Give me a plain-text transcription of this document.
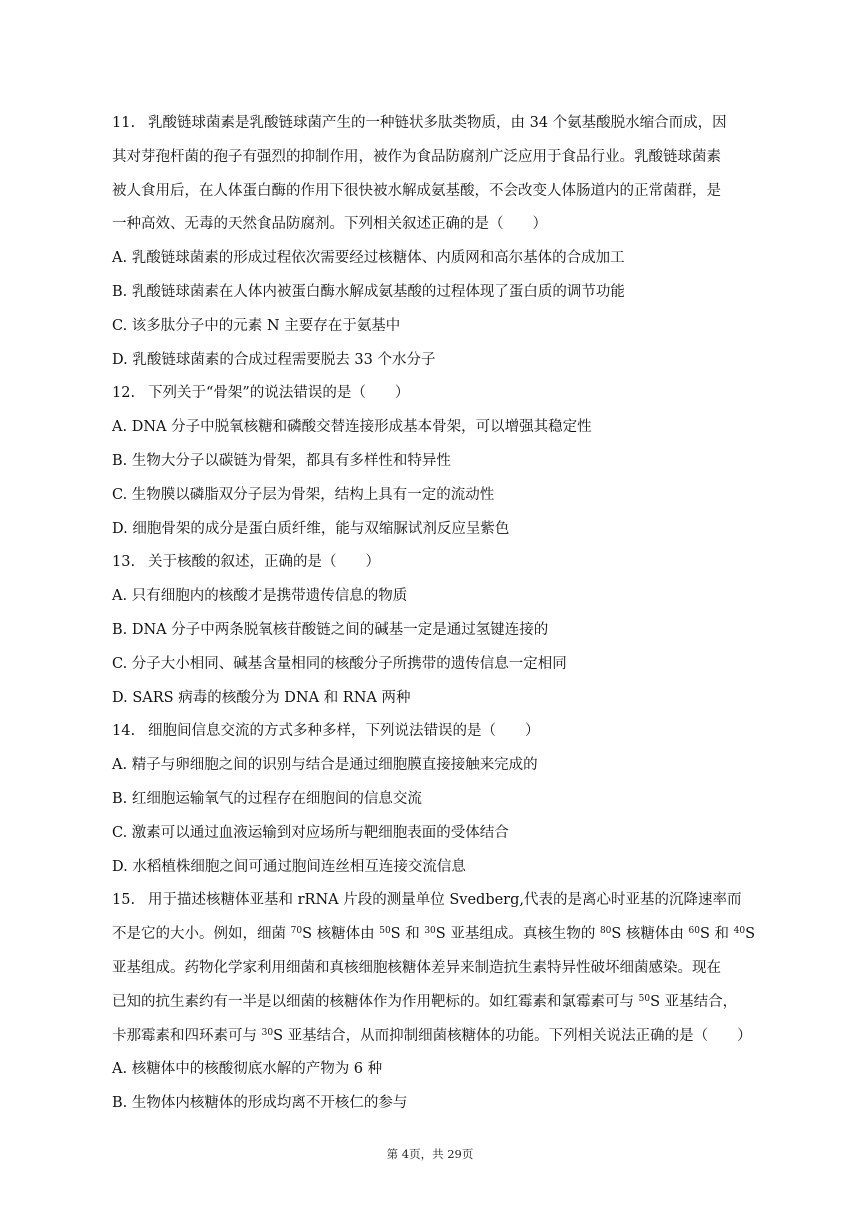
11. 乳酸链球菌素是乳酸链球菌产生的一种链状多肽类物质，由 34 个氨基酸脱水缩合而成，因

其对芽孢杆菌的孢子有强烈的抑制作用，被作为食品防腐剂广泛应用于食品行业。乳酸链球菌素

被人食用后，在人体蛋白酶的作用下很快被水解成氨基酸，不会改变人体肠道内的正常菌群，是

一种高效、无毒的天然食品防腐剂。下列相关叙述正确的是（　　）

A. 乳酸链球菌素的形成过程依次需要经过核糖体、内质网和高尔基体的合成加工

B. 乳酸链球菌素在人体内被蛋白酶水解成氨基酸的过程体现了蛋白质的调节功能

C. 该多肽分子中的元素 N 主要存在于氨基中

D. 乳酸链球菌素的合成过程需要脱去 33 个水分子

12. 下列关于“骨架”的说法错误的是（　　）

A. DNA 分子中脱氧核糖和磷酸交替连接形成基本骨架，可以增强其稳定性

B. 生物大分子以碳链为骨架，都具有多样性和特异性

C. 生物膜以磷脂双分子层为骨架，结构上具有一定的流动性

D. 细胞骨架的成分是蛋白质纤维，能与双缩脲试剂反应呈紫色

13. 关于核酸的叙述，正确的是（　　）

A. 只有细胞内的核酸才是携带遗传信息的物质

B. DNA 分子中两条脱氧核苷酸链之间的碱基一定是通过氢键连接的

C. 分子大小相同、碱基含量相同的核酸分子所携带的遗传信息一定相同

D. SARS 病毒的核酸分为 DNA 和 RNA 两种

14. 细胞间信息交流的方式多种多样，下列说法错误的是（　　）

A. 精子与卵细胞之间的识别与结合是通过细胞膜直接接触来完成的

B. 红细胞运输氧气的过程存在细胞间的信息交流

C. 激素可以通过血液运输到对应场所与靶细胞表面的受体结合

D. 水稻植株细胞之间可通过胞间连丝相互连接交流信息

15. 用于描述核糖体亚基和 rRNA 片段的测量单位 Svedberg,代表的是离心时亚基的沉降速率而

不是它的大小。例如，细菌 $^{70}$S 核糖体由 $^{50}$S 和 $^{30}$S 亚基组成。真核生物的 $^{80}$S 核糖体由 $^{60}$S 和 $^{40}$S

亚基组成。药物化学家利用细菌和真核细胞核糖体差异来制造抗生素特异性破坏细菌感染。现在

已知的抗生素约有一半是以细菌的核糖体作为作用靶标的。如红霉素和氯霉素可与 $^{50}$S 亚基结合，

卡那霉素和四环素可与 $^{30}$S 亚基结合，从而抑制细菌核糖体的功能。下列相关说法正确的是（　　）

A. 核糖体中的核酸彻底水解的产物为 6 种

B. 生物体内核糖体的形成均离不开核仁的参与

第 4页，共 29页
